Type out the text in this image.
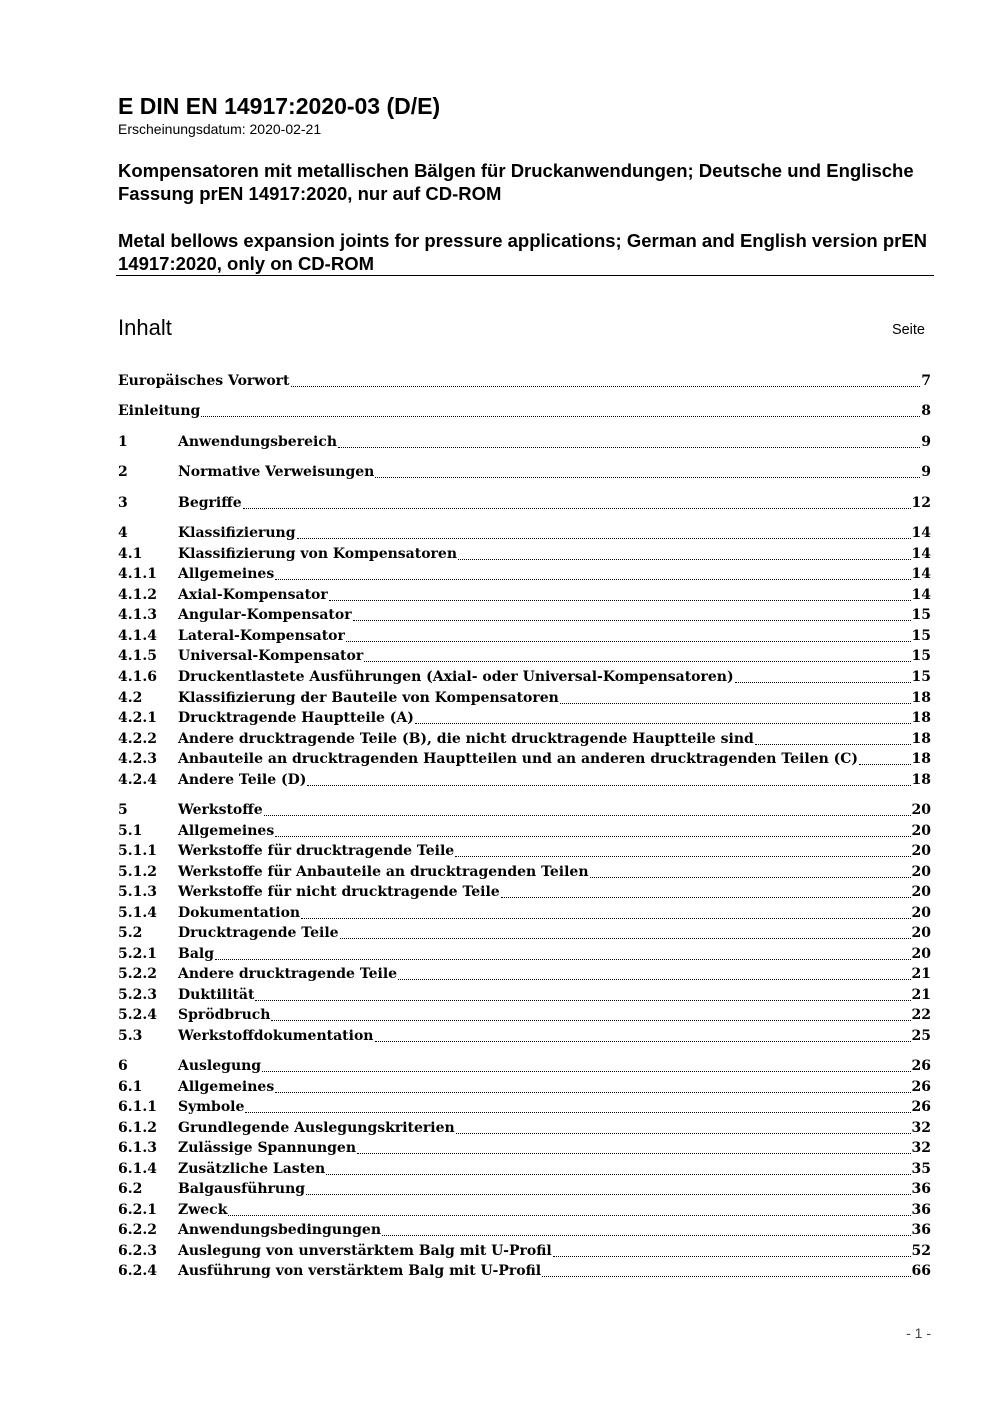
E DIN EN 14917:2020-03 (D/E)
Erscheinungsdatum: 2020-02-21
Kompensatoren mit metallischen Bälgen für Druckanwendungen; Deutsche und Englische Fassung prEN 14917:2020, nur auf CD-ROM
Metal bellows expansion joints for pressure applications; German and English version prEN 14917:2020, only on CD-ROM
Inhalt	Seite
Europäisches Vorwort	7
Einleitung	8
1	Anwendungsbereich	9
2	Normative Verweisungen	9
3	Begriffe	12
4	Klassifizierung	14
4.1	Klassifizierung von Kompensatoren	14
4.1.1	Allgemeines	14
4.1.2	Axial-Kompensator	14
4.1.3	Angular-Kompensator	15
4.1.4	Lateral-Kompensator	15
4.1.5	Universal-Kompensator	15
4.1.6	Druckentlastete Ausführungen (Axial- oder Universal-Kompensatoren)	15
4.2	Klassifizierung der Bauteile von Kompensatoren	18
4.2.1	Drucktragende Hauptteile (A)	18
4.2.2	Andere drucktragende Teile (B), die nicht drucktragende Hauptteile sind	18
4.2.3	Anbauteile an drucktragenden Hauptteilen und an anderen drucktragenden Teilen (C)	18
4.2.4	Andere Teile (D)	18
5	Werkstoffe	20
5.1	Allgemeines	20
5.1.1	Werkstoffe für drucktragende Teile	20
5.1.2	Werkstoffe für Anbauteile an drucktragenden Teilen	20
5.1.3	Werkstoffe für nicht drucktragende Teile	20
5.1.4	Dokumentation	20
5.2	Drucktragende Teile	20
5.2.1	Balg	20
5.2.2	Andere drucktragende Teile	21
5.2.3	Duktilität	21
5.2.4	Sprödbruch	22
5.3	Werkstoffdokumentation	25
6	Auslegung	26
6.1	Allgemeines	26
6.1.1	Symbole	26
6.1.2	Grundlegende Auslegungskriterien	32
6.1.3	Zulässige Spannungen	32
6.1.4	Zusätzliche Lasten	35
6.2	Balgausführung	36
6.2.1	Zweck	36
6.2.2	Anwendungsbedingungen	36
6.2.3	Auslegung von unverstärktem Balg mit U-Profil	52
6.2.4	Ausführung von verstärktem Balg mit U-Profil	66
- 1 -
